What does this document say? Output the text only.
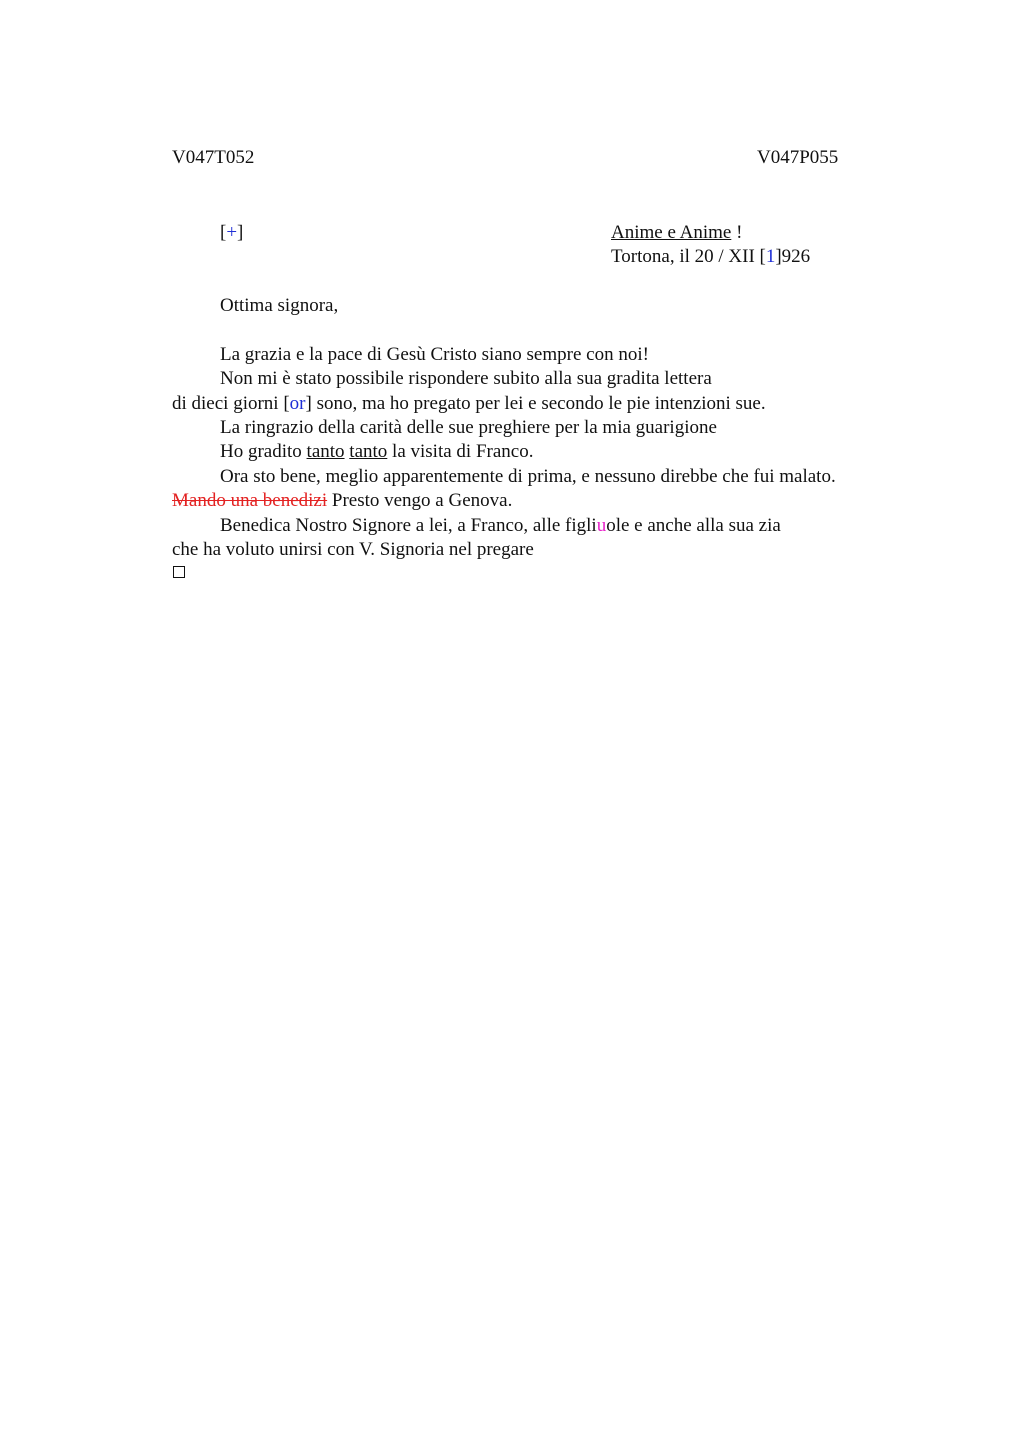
V047T052	V047P055
[+]	Anime e Anime !
Tortona, il 20 / XII [1]926
Ottima signora,
La grazia e la pace di Gesù Cristo siano sempre con noi!
Non mi è stato possibile rispondere subito alla sua gradita lettera
di dieci giorni [or] sono, ma ho pregato per lei e secondo le pie intenzioni sue.
La ringrazio della carità delle sue preghiere per la mia guarigione
Ho gradito tanto tanto la visita di Franco.
Ora sto bene, meglio apparentemente di prima, e nessuno direbbe che fui malato.
Mando una benedizi Presto vengo a Genova.
Benedica Nostro Signore a lei, a Franco, alle figliuole e anche alla sua zia
che ha voluto unirsi con V. Signoria nel pregare
